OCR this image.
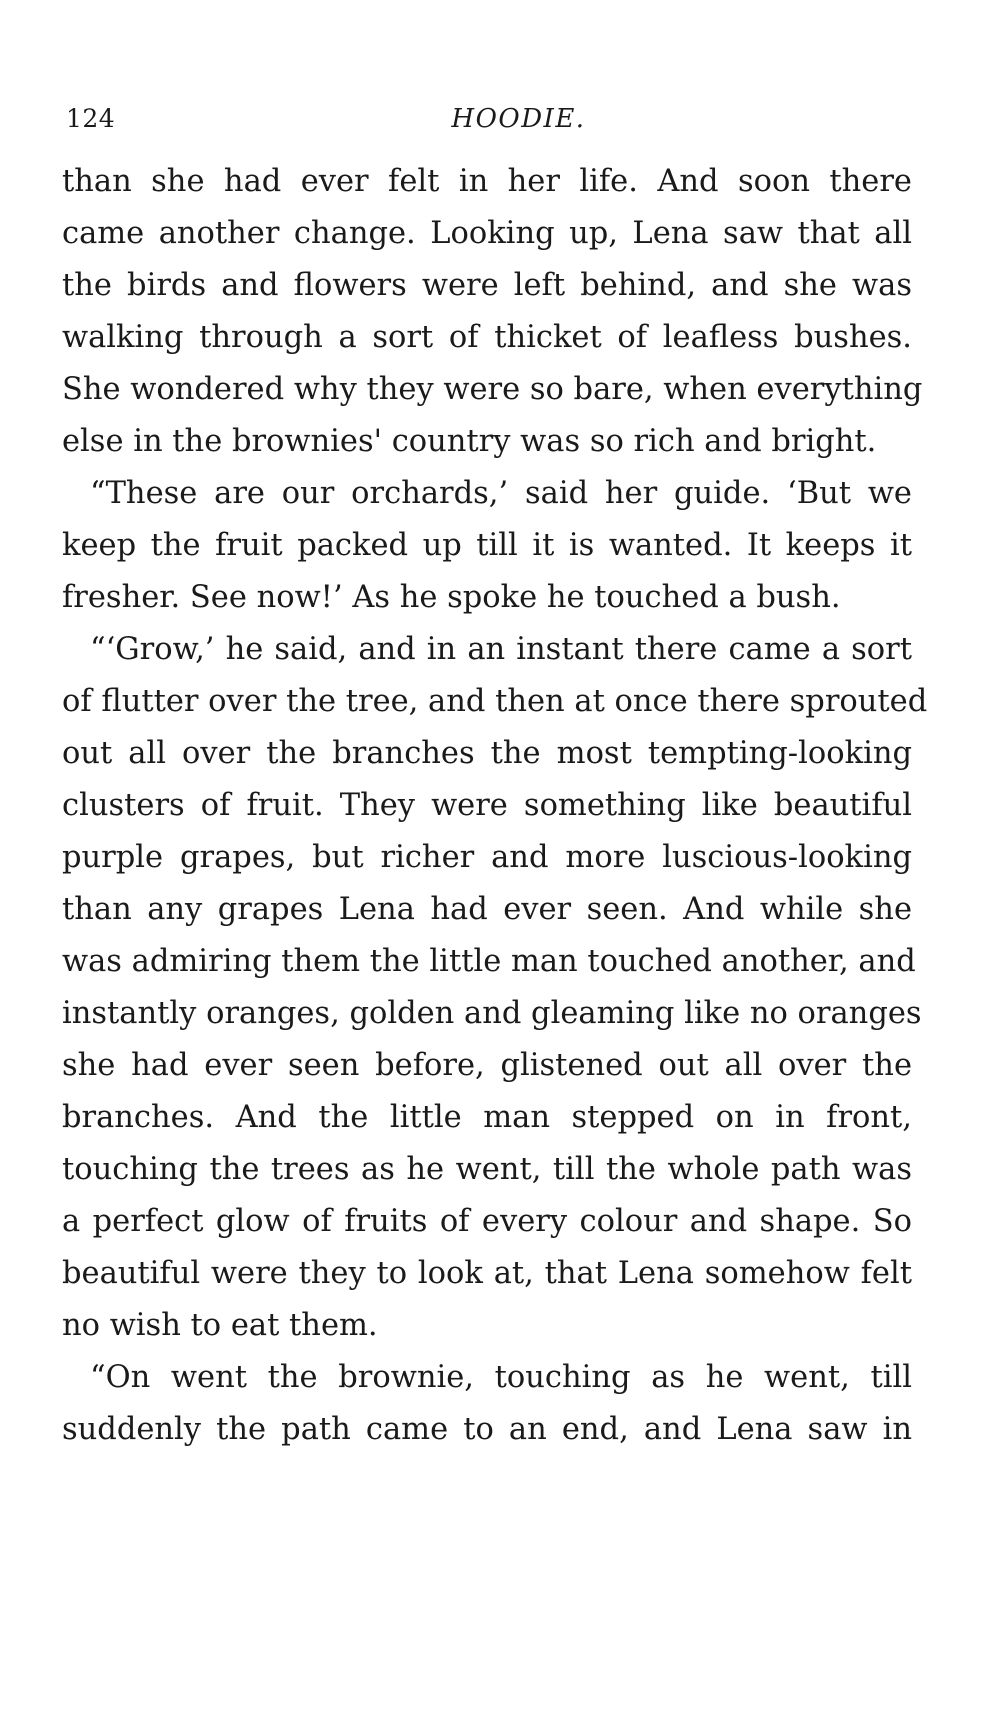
124	HOODIE.
than she had ever felt in her life. And soon there
came another change. Looking up, Lena saw that all
the birds and flowers were left behind, and she was
walking through a sort of thicket of leafless bushes.
She wondered why they were so bare, when everything
else in the brownies' country was so rich and bright.
“These are our orchards,’ said her guide. ‘But we
keep the fruit packed up till it is wanted. It keeps it
fresher. See now!’ As he spoke he touched a bush.
“‘Grow,’ he said, and in an instant there came a sort
of flutter over the tree, and then at once there sprouted
out all over the branches the most tempting-looking
clusters of fruit. They were something like beautiful
purple grapes, but richer and more luscious-looking
than any grapes Lena had ever seen. And while she
was admiring them the little man touched another, and
instantly oranges, golden and gleaming like no oranges
she had ever seen before, glistened out all over the
branches. And the little man stepped on in front,
touching the trees as he went, till the whole path was
a perfect glow of fruits of every colour and shape. So
beautiful were they to look at, that Lena somehow felt
no wish to eat them.
“On went the brownie, touching as he went, till
suddenly the path came to an end, and Lena saw in
